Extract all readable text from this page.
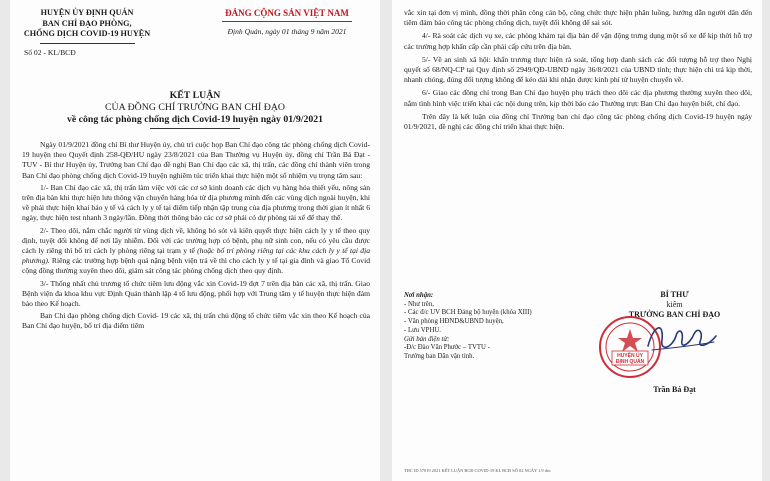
HUYỆN ỦY ĐỊNH QUÁN
BAN CHỈ ĐẠO PHÒNG,
CHỐNG DỊCH COVID-19 HUYỆN
ĐẢNG CỘNG SẢN VIỆT NAM
Định Quán, ngày 01 tháng 9 năm 2021
Số 02 - KL/BCĐ
KẾT LUẬN
CỦA ĐỒNG CHÍ TRƯỞNG BAN CHỈ ĐẠO
về công tác phòng chống dịch Covid-19 huyện ngày 01/9/2021

Ngày 01/9/2021 đồng chí Bí thư Huyện ủy, chủ trì cuộc họp Ban Chỉ đạo công tác phòng chống dịch Covid-19 huyện theo Quyết định 258-QĐ/HU ngày 23/8/2021 của Ban Thường vụ Huyện ủy, đồng chí Trần Bá Đạt - TUV - Bí thư Huyện ủy, Trưởng ban Chỉ đạo đề nghị Ban Chỉ đạo các xã, thị trấn, các đồng chí thành viên trong Ban Chỉ đạo phòng chống dịch Covid-19 huyện nghiêm túc triển khai thực hiện một số nhiệm vụ trọng tâm sau:

1/- Ban Chỉ đạo các xã, thị trấn làm việc với các cơ sở kinh doanh các dịch vụ hàng hóa thiết yếu, nông sản trên địa bàn khi thực hiện lưu thông vận chuyển hàng hóa từ địa phương mình đến các vùng dịch ngoài huyện, khi về phải thực hiện khai báo y tế và cách ly y tế tại điểm tiếp nhận tập trung của địa phương trong thời gian ít nhất 6 ngày, thực hiện test nhanh 3 ngày/lần. Đồng thời thông báo các cơ sở phải có dự phòng tài xế để thay thế.

2/- Theo dõi, nắm chắc người từ vùng dịch về, không bỏ sót và kiên quyết thực hiện cách ly y tế theo quy định, tuyệt đối không để nơi lây nhiễm. Đối với các trường hợp có bệnh, phụ nữ sinh con, nếu có yêu cầu được cách ly riêng thì bố trí cách ly phòng riêng tại trạm y tế (hoặc bố trí phòng riêng tại các khu cách ly y tế tại địa phương). Riêng các trường hợp bệnh quá nặng bệnh viện trả về thì cho cách ly y tế tại gia đình và giao Tổ Covid cộng đồng thường xuyên theo dõi, giám sát công tác phòng chống dịch theo quy định.

3/- Thống nhất chủ trương tổ chức tiêm lưu động vắc xin Covid-19 đợt 7 trên địa bàn các xã, thị trấn. Giao Bệnh viện đa khoa khu vực Định Quán thành lập 4 tổ lưu động, phối hợp với Trung tâm y tế huyện thực hiện đảm bảo theo Kế hoạch.

Ban Chỉ đạo phòng chống dịch Covid- 19 các xã, thị trấn chủ động tổ chức tiêm vắc xin theo Kế hoạch của Ban Chỉ đạo huyện, bố trí địa điểm tiêm

vắc xin tại đơn vị mình, đồng thời phân công cán bộ, công chức thực hiện phân luồng, hướng dẫn người dân đến tiêm đảm bảo công tác phòng chống dịch, tuyệt đối không để sai sót.

4/- Rà soát các dịch vụ xe, các phòng khám tại địa bàn để vận động trưng dụng một số xe để kịp thời hỗ trợ các trường hợp khẩn cấp cần phải cấp cứu trên địa bàn.

5/- Về an sinh xã hội: khẩn trương thực hiện rà soát, tổng hợp danh sách các đối tượng hỗ trợ theo Nghị quyết số 68/NQ-CP tại Quy định số 2949/QĐ-UBND ngày 36/8/2021 của UBND tỉnh; thực hiện chi trả kịp thời, nhanh chóng, đúng đối tượng không để kéo dài khi nhận được kinh phí từ huyện chuyển về.

6/- Giao các đồng chí trong Ban Chỉ đạo huyện phụ trách theo dõi các địa phương thường xuyên theo dõi, nắm tình hình việc triển khai các nội dung trên, kịp thời báo cáo Thường trực Ban Chỉ đạo huyện biết, chỉ đạo.

Trên đây là kết luận của đồng chí Trưởng ban chỉ đạo công tác phòng chống dịch Covid-19 huyện ngày 01/9/2021, đề nghị các đồng chí triển khai thực hiện.

Nơi nhận:
- Như trên,
- Các đ/c UV BCH Đảng bộ huyện (khóa XIII)
- Văn phòng HĐND&UBND huyện,
- Lưu VPHU.
Gửi bản điện tử:
-Đ/c Đào Văn Phước – TVTU -
Trưởng ban Dân vận tỉnh.
BÍ THƯ
kiêm
TRƯỞNG BAN CHỈ ĐẠO
HUYỆN ỦY
ĐỊNH QUÁN
Trần Bá Đạt
THC ID 57019 2021 KẾT LUẬN BCĐ COVID-19 KL BCĐ SỐ 02 NGÀY 1.9 doc
